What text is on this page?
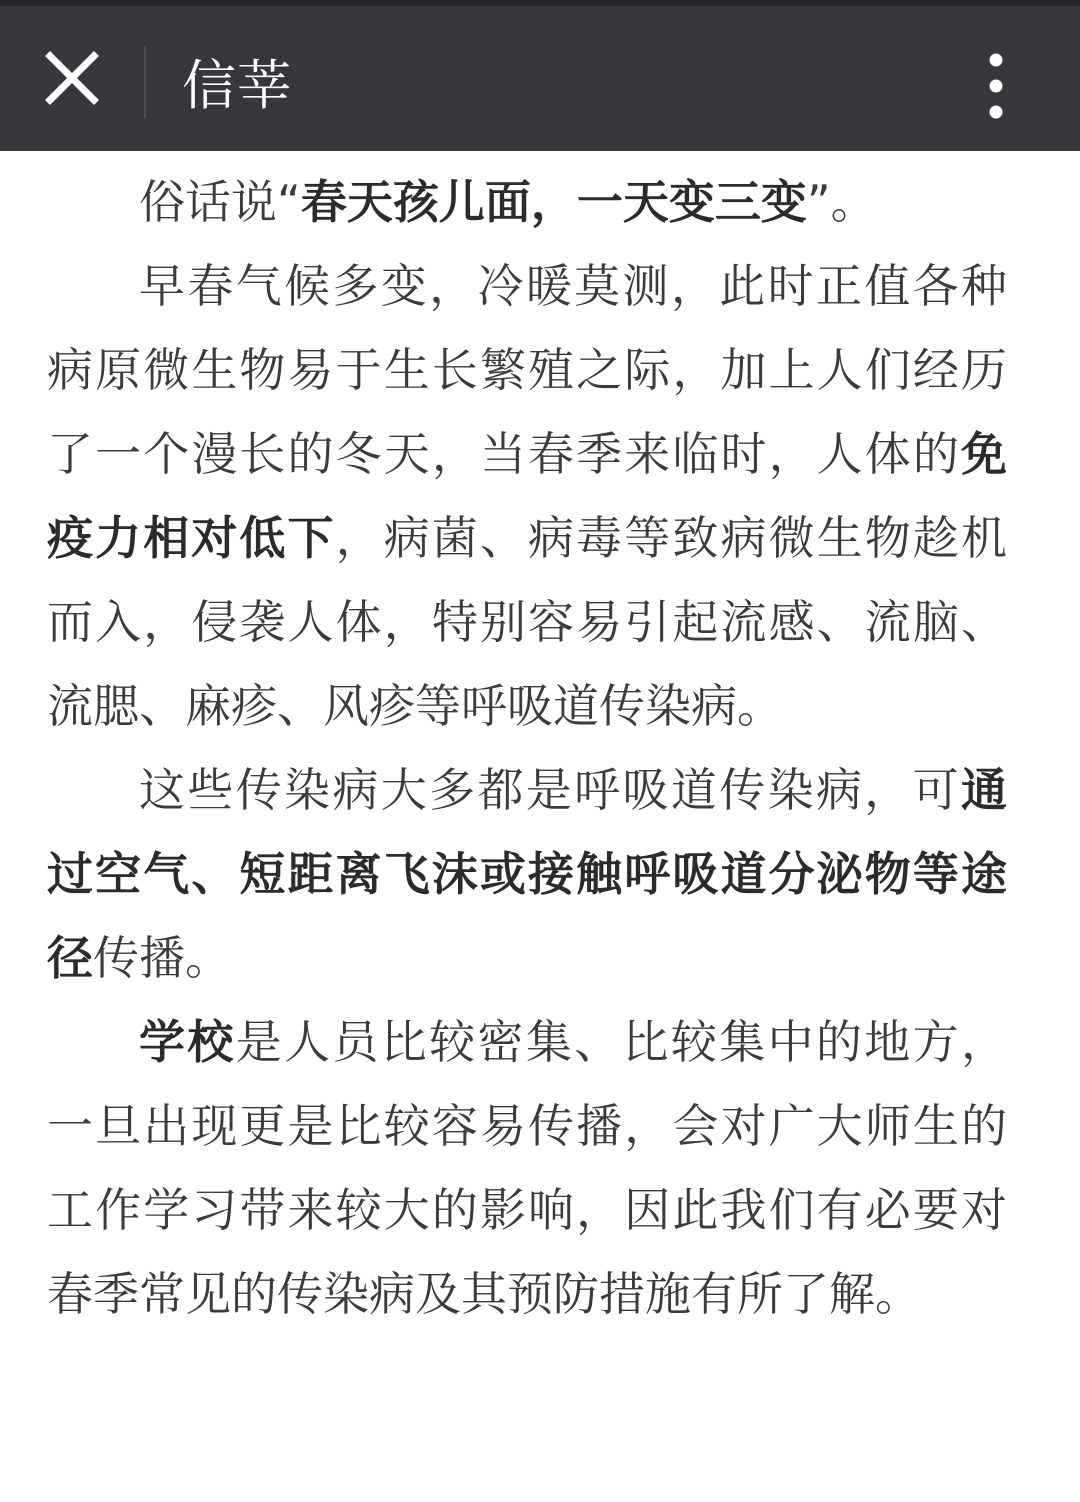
信莘

俗话说“春天孩儿面，一天变三变”。

早春气候多变，冷暖莫测，此时正值各种病原微生物易于生长繁殖之际，加上人们经历了一个漫长的冬天，当春季来临时，人体的免疫力相对低下，病菌、病毒等致病微生物趁机而入，侵袭人体，特别容易引起流感、流脑、流腮、麻疹、风疹等呼吸道传染病。

这些传染病大多都是呼吸道传染病，可通过空气、短距离飞沫或接触呼吸道分泌物等途径传播。

学校是人员比较密集、比较集中的地方，一旦出现更是比较容易传播，会对广大师生的工作学习带来较大的影响，因此我们有必要对春季常见的传染病及其预防措施有所了解。
